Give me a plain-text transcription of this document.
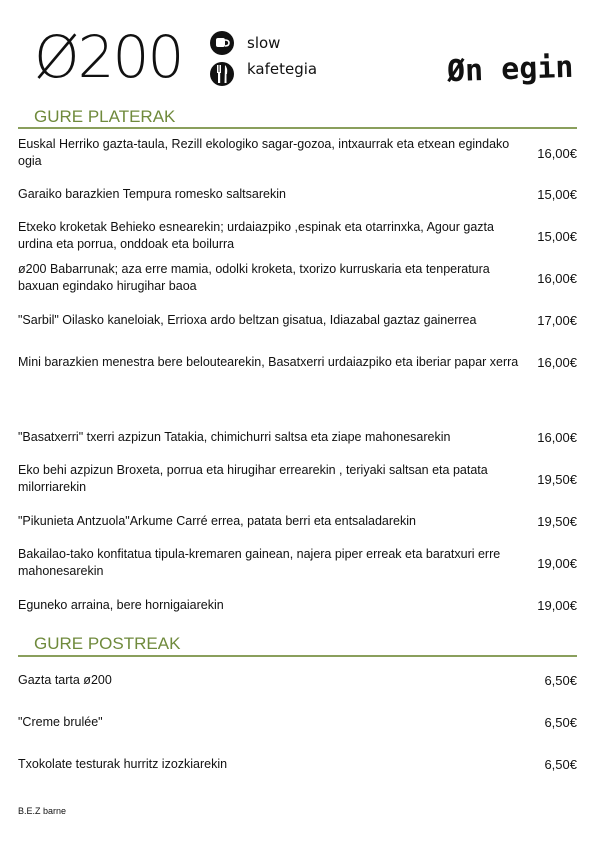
Ø200	slow
kafetegia	Øn egin
GURE PLATERAK
Euskal Herriko gazta-taula, Rezill ekologiko sagar-gozoa, intxaurrak eta etxean egindako ogia
16,00€
Garaiko barazkien Tempura romesko saltsarekin	15,00€
Etxeko kroketak Behieko esnearekin; urdaiazpiko ,espinak eta otarrinxka, Agour gazta urdina eta porrua, onddoak eta boilurra
15,00€
ø200 Babarrunak; aza erre mamia, odolki kroketa, txorizo kurruskaria eta tenperatura baxuan egindako hirugihar baoa
16,00€
"Sarbil" Oilasko kaneloiak, Errioxa ardo beltzan gisatua, Idiazabal gaztaz gainerrea	17,00€
Mini barazkien menestra bere beloutearekin, Basatxerri urdaiazpiko eta iberiar papar xerra	16,00€
"Basatxerri" txerri azpizun Tatakia, chimichurri saltsa eta ziape mahonesarekin	16,00€
Eko behi azpizun Broxeta, porrua eta hirugihar errearekin , teriyaki saltsan eta patata milorriarekin
19,50€
"Pikunieta Antzuola"Arkume Carré errea, patata berri eta entsaladarekin	19,50€
Bakailao-tako konfitatua tipula-kremaren gainean, najera piper erreak eta baratxuri erre mahonesarekin
19,00€
Eguneko arraina, bere hornigaiarekin	19,00€
GURE POSTREAK
Gazta tarta ø200	6,50€
"Creme brulée"	6,50€
Txokolate testurak hurritz izozkiarekin	6,50€
B.E.Z barne
